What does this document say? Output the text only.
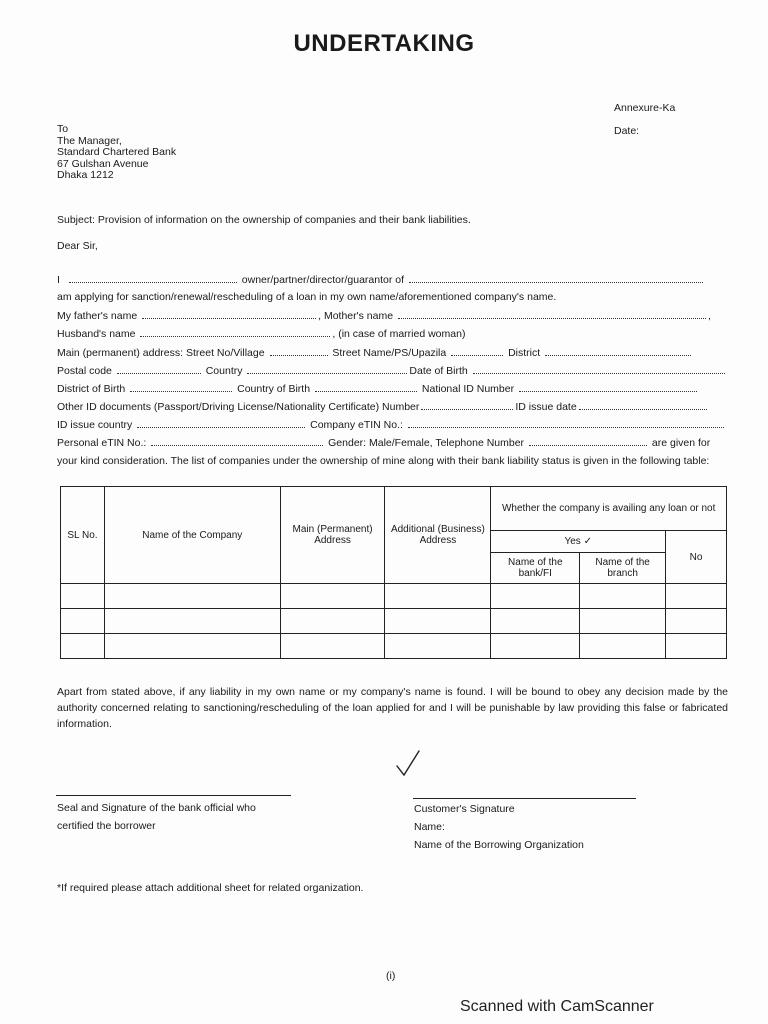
UNDERTAKING
Annexure-Ka
Date:
To
The Manager,
Standard Chartered Bank
67 Gulshan Avenue
Dhaka 1212
Subject: Provision of information on the ownership of companies and their bank liabilities.
Dear Sir,
I	owner/partner/director/guarantor of
am applying for sanction/renewal/rescheduling of a loan in my own name/aforementioned company's name.
My father's name	, Mother's name	,
Husband's name	, (in case of married woman)
Main (permanent) address: Street No/Village	Street Name/PS/Upazila	District
Postal code	Country	Date of Birth
District of Birth	Country of Birth	National ID Number
Other ID documents (Passport/Driving License/Nationality Certificate) Number	ID issue date
ID issue country	Company eTIN No.:
Personal eTIN No.:	Gender: Male/Female, Telephone Number	are given for
your kind consideration. The list of companies under the ownership of mine along with their bank liability status is given in the following table:
SL No.	Name of the Company	Main (Permanent) Address	Additional (Business) Address	Whether the company is availing any loan or not		
				Yes ✓		No
				Name of the bank/FI	Name of the branch	

Apart from stated above, if any liability in my own name or my company's name is found. I will be bound to obey any decision made by the authority concerned relating to sanctioning/rescheduling of the loan applied for and I will be punishable by law providing this false or fabricated information.
Seal and Signature of the bank official who
certified the borrower
Customer's Signature
Name:
Name of the Borrowing Organization
*If required please attach additional sheet for related organization.
(i)
Scanned with CamScanner
